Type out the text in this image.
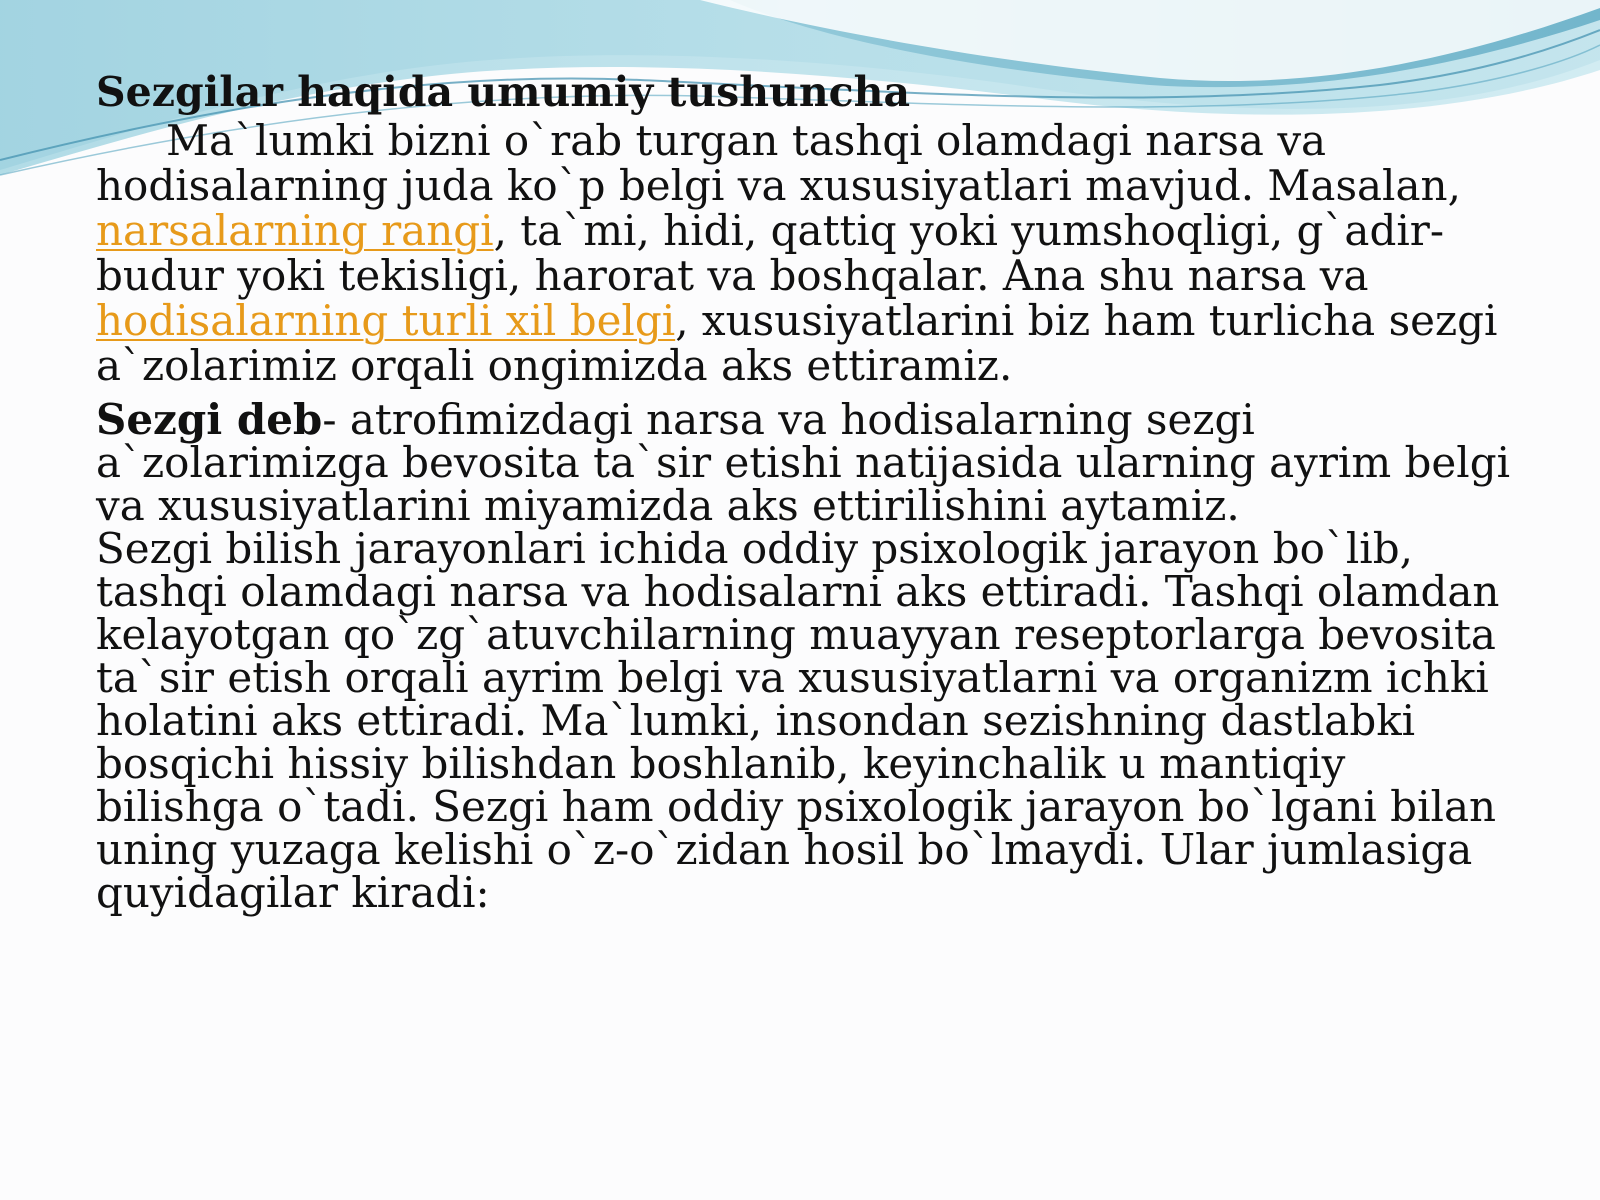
Sezgilar haqida umumiy tushuncha

Ma`lumki bizni o`rab turgan tashqi olamdagi narsa va hodisalarning juda ko`p belgi va xususiyatlari mavjud. Masalan, narsalarning rangi, ta`mi, hidi, qattiq yoki yumshoqligi, g`adir-budur yoki tekisligi, harorat va boshqalar. Ana shu narsa va hodisalarning turli xil belgi, xususiyatlarini biz ham turlicha sezgi a`zolarimiz orqali ongimizda aks ettiramiz.

Sezgi deb- atrofimizdagi narsa va hodisalarning sezgi a`zolarimizga bevosita ta`sir etishi natijasida ularning ayrim belgi va xususiyatlarini miyamizda aks ettirilishini aytamiz.
Sezgi bilish jarayonlari ichida oddiy psixologik jarayon bo`lib, tashqi olamdagi narsa va hodisalarni aks ettiradi. Tashqi olamdan kelayotgan qo`zg`atuvchilarning muayyan reseptorlarga bevosita ta`sir etish orqali ayrim belgi va xususiyatlarni va organizm ichki holatini aks ettiradi. Ma`lumki, insondan sezishning dastlabki bosqichi hissiy bilishdan boshlanib, keyinchalik u mantiqiy bilishga o`tadi. Sezgi ham oddiy psixologik jarayon bo`lgani bilan uning yuzaga kelishi o`z-o`zidan hosil bo`lmaydi. Ular jumlasiga quyidagilar kiradi:
